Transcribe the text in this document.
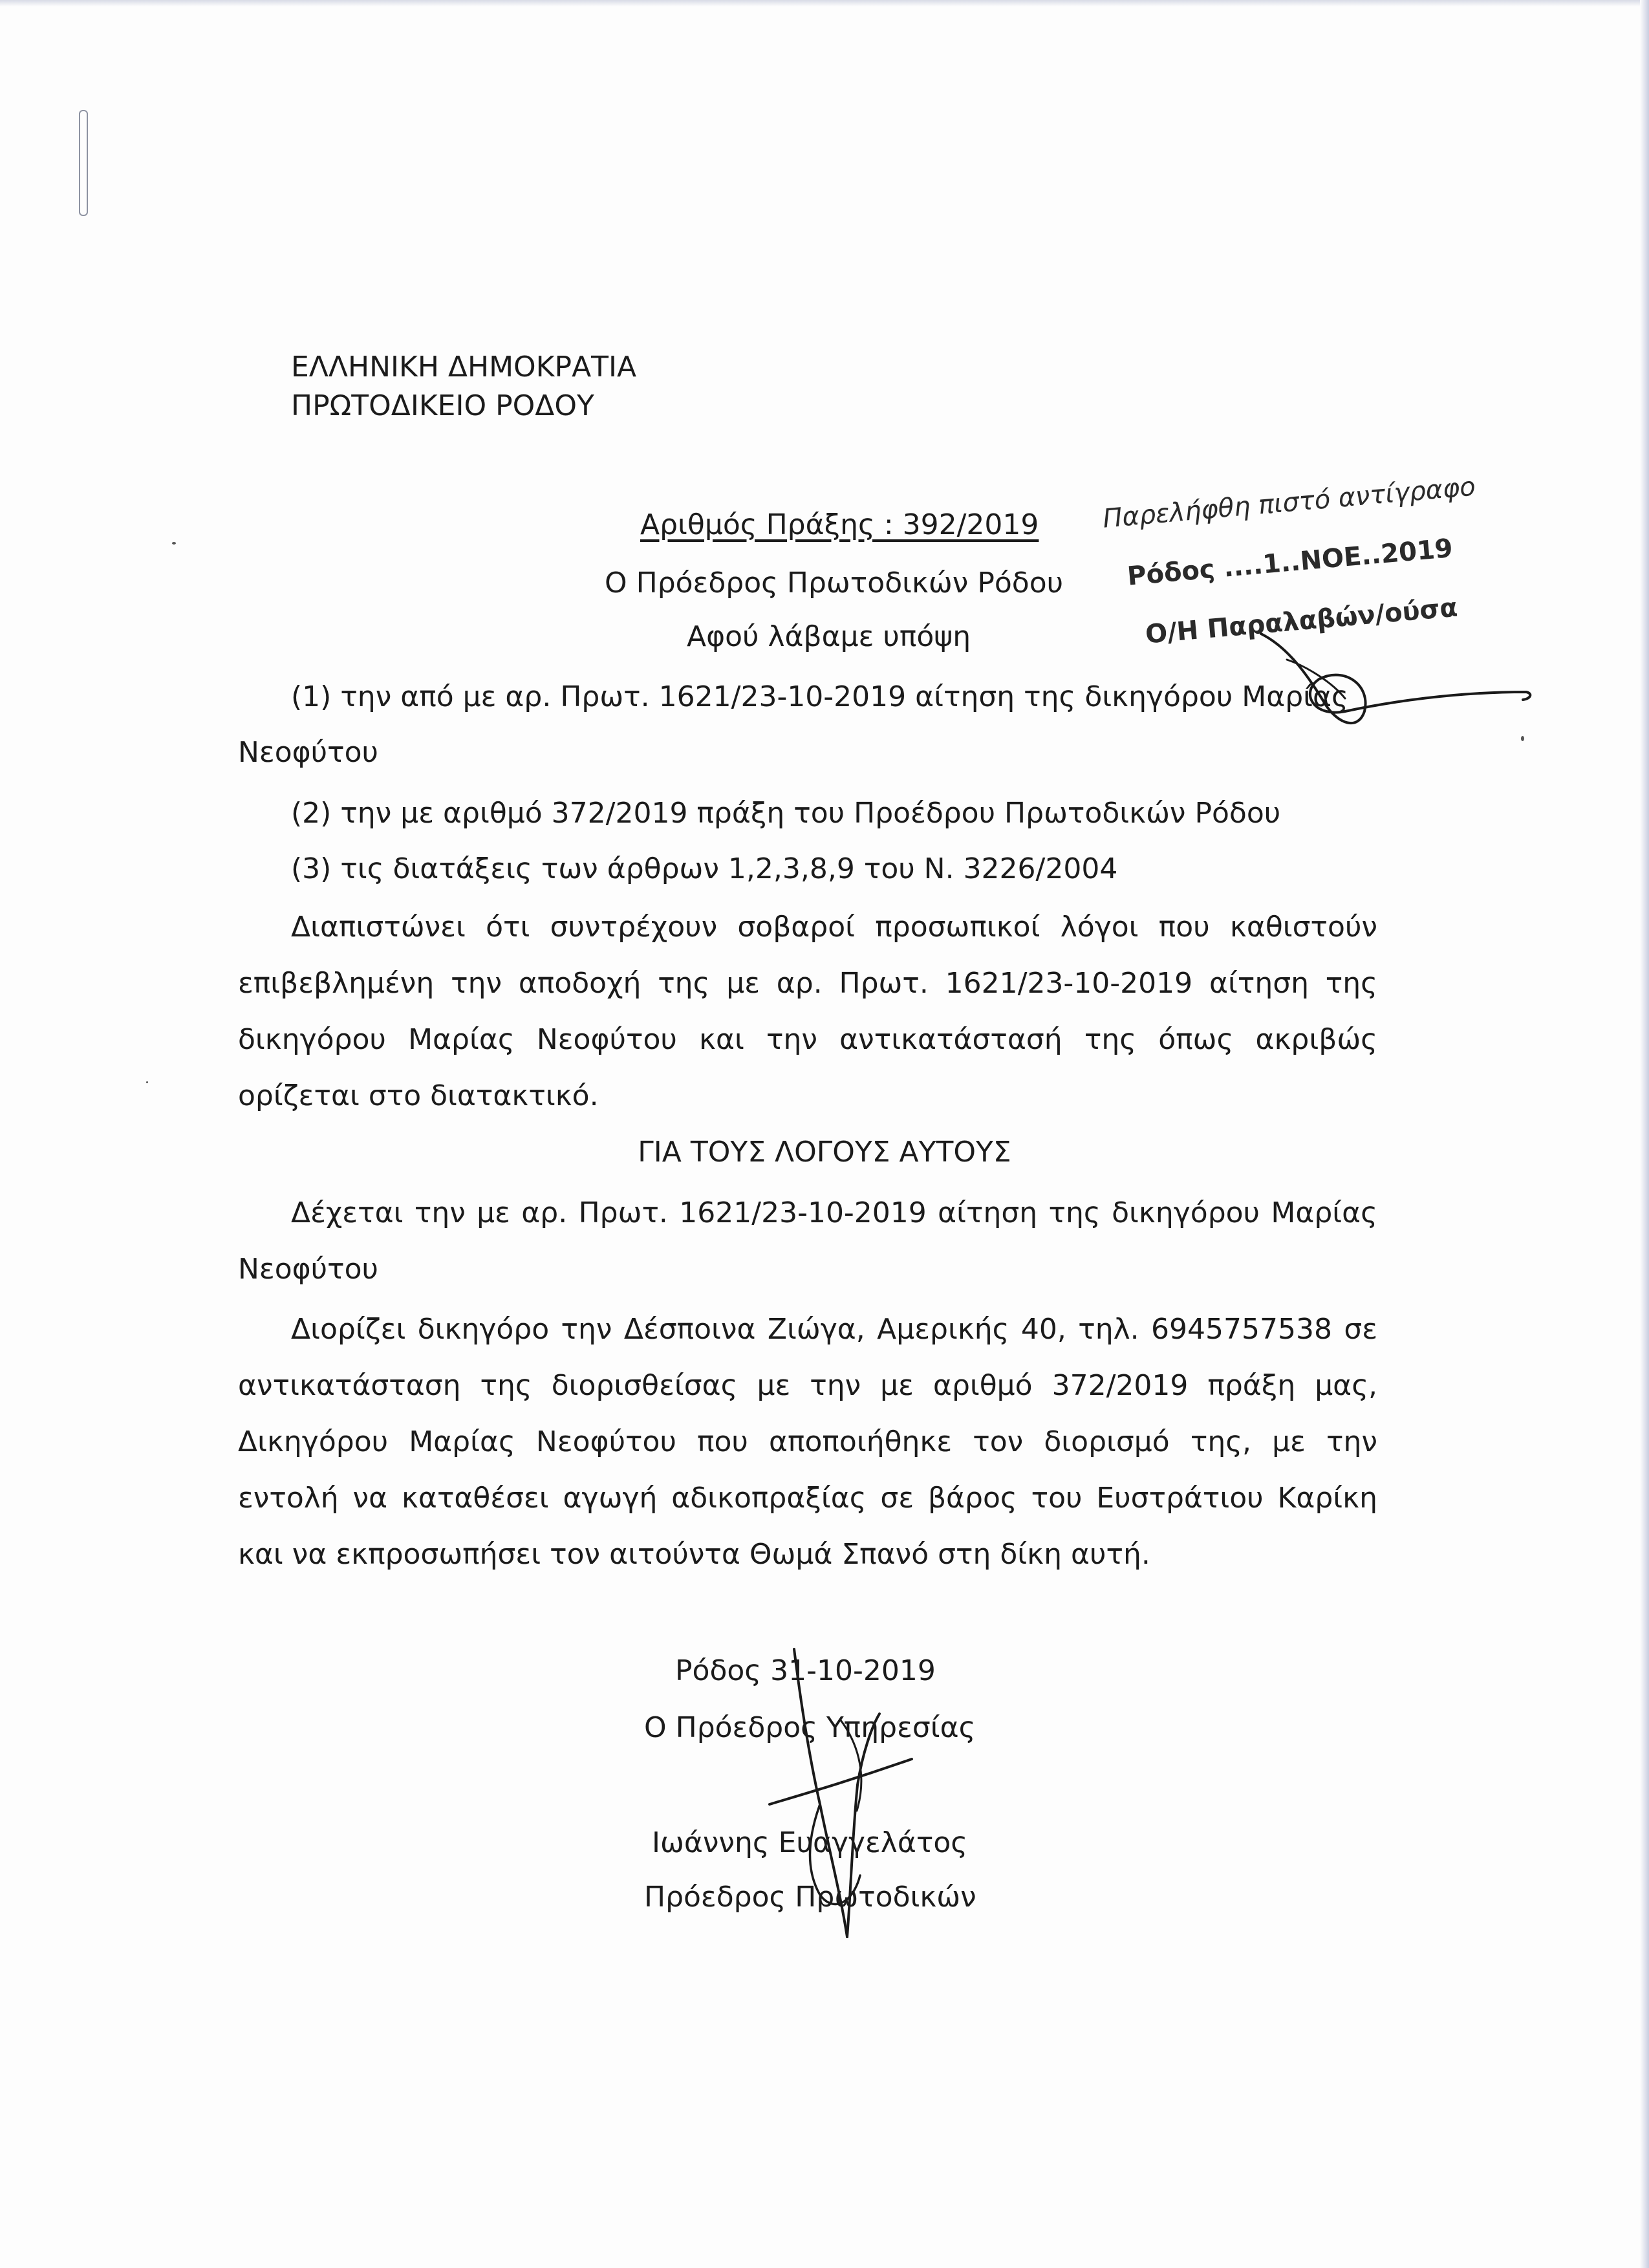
ΕΛΛΗΝΙΚΗ ΔΗΜΟΚΡΑΤΙΑ
ΠΡΩΤΟΔΙΚΕΙΟ ΡΟΔΟΥ
Αριθμός Πράξης : 392/2019
Ο Πρόεδρος Πρωτοδικών Ρόδου
Αφού λάβαμε υπόψη
(1) την από με αρ. Πρωτ. 1621/23-10-2019 αίτηση της δικηγόρου Μαρίας
Νεοφύτου
(2) την με αριθμό 372/2019 πράξη του Προέδρου Πρωτοδικών Ρόδου
(3) τις διατάξεις των άρθρων 1,2,3,8,9 του Ν. 3226/2004

Διαπιστώνει ότι συντρέχουν σοβαροί προσωπικοί λόγοι που καθιστούν επιβεβλημένη την αποδοχή της με αρ. Πρωτ. 1621/23-10-2019 αίτηση της δικηγόρου Μαρίας Νεοφύτου και την αντικατάστασή της όπως ακριβώς ορίζεται στο διατακτικό.

ΓΙΑ ΤΟΥΣ ΛΟΓΟΥΣ ΑΥΤΟΥΣ

Δέχεται την με αρ. Πρωτ. 1621/23-10-2019 αίτηση της δικηγόρου Μαρίας Νεοφύτου

Διορίζει δικηγόρο την Δέσποινα Ζιώγα, Αμερικής 40, τηλ. 6945757538 σε αντικατάσταση της διορισθείσας με την με αριθμό 372/2019 πράξη μας, Δικηγόρου Μαρίας Νεοφύτου που αποποιήθηκε τον διορισμό της, με την εντολή να καταθέσει αγωγή αδικοπραξίας σε βάρος του Ευστράτιου Καρίκη και να εκπροσωπήσει τον αιτούντα Θωμά Σπανό στη δίκη αυτή.

Ρόδος 31-10-2019
Ο Πρόεδρος Υπηρεσίας
Ιωάννης Ευαγγελάτος
Πρόεδρος Πρωτοδικών
Παρελήφθη πιστό αντίγραφο
Ρόδος ....1..ΝΟΕ..2019
Ο/Η Παραλαβών/ούσα
